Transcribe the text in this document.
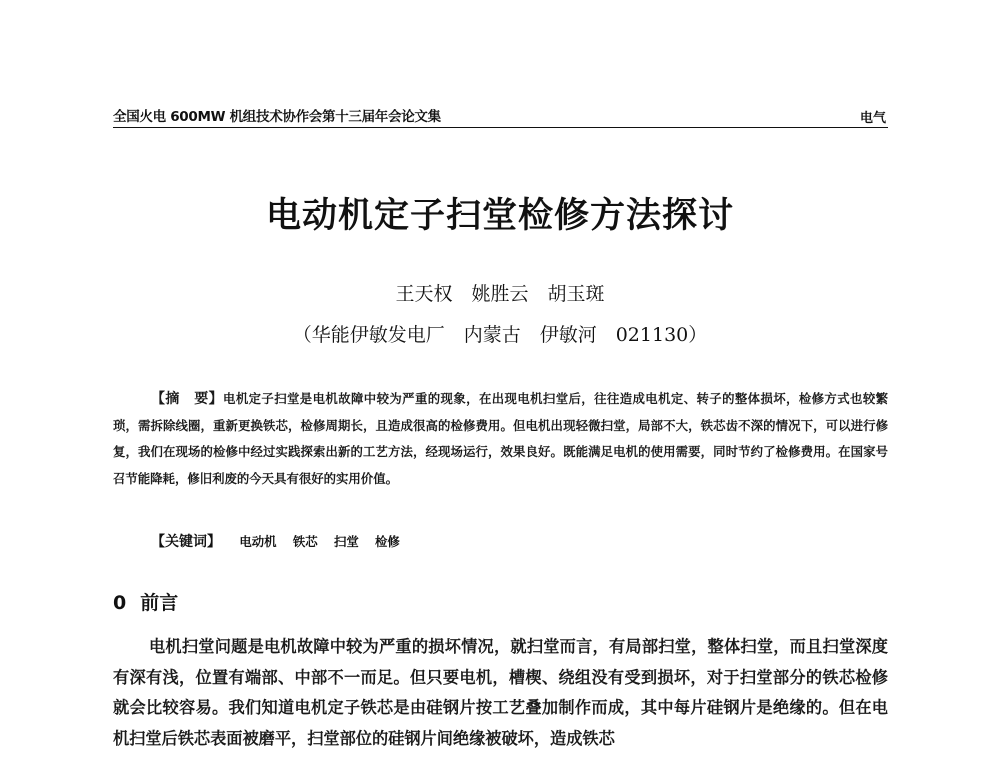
全国火电 600MW 机组技术协作会第十三届年会论文集	电气
电动机定子扫堂检修方法探讨
王天权　姚胜云　胡玉斑
（华能伊敏发电厂　内蒙古　伊敏河　021130）

【摘　要】电机定子扫堂是电机故障中较为严重的现象，在出现电机扫堂后，往往造成电机定、转子的整体损坏，检修方式也较繁琐，需拆除线圈，重新更换铁芯，检修周期长，且造成很高的检修费用。但电机出现轻微扫堂，局部不大，铁芯齿不深的情况下，可以进行修复，我们在现场的检修中经过实践探索出新的工艺方法，经现场运行，效果良好。既能满足电机的使用需要，同时节约了检修费用。在国家号召节能降耗，修旧利废的今天具有很好的实用价值。

【关键词】 电动机 铁芯 扫堂 检修
0 前言

电机扫堂问题是电机故障中较为严重的损坏情况，就扫堂而言，有局部扫堂，整体扫堂，而且扫堂深度有深有浅，位置有端部、中部不一而足。但只要电机，槽楔、绕组没有受到损坏，对于扫堂部分的铁芯检修就会比较容易。我们知道电机定子铁芯是由硅钢片按工艺叠加制作而成，其中每片硅钢片是绝缘的。但在电机扫堂后铁芯表面被磨平，扫堂部位的硅钢片间绝缘被破坏，造成铁芯
